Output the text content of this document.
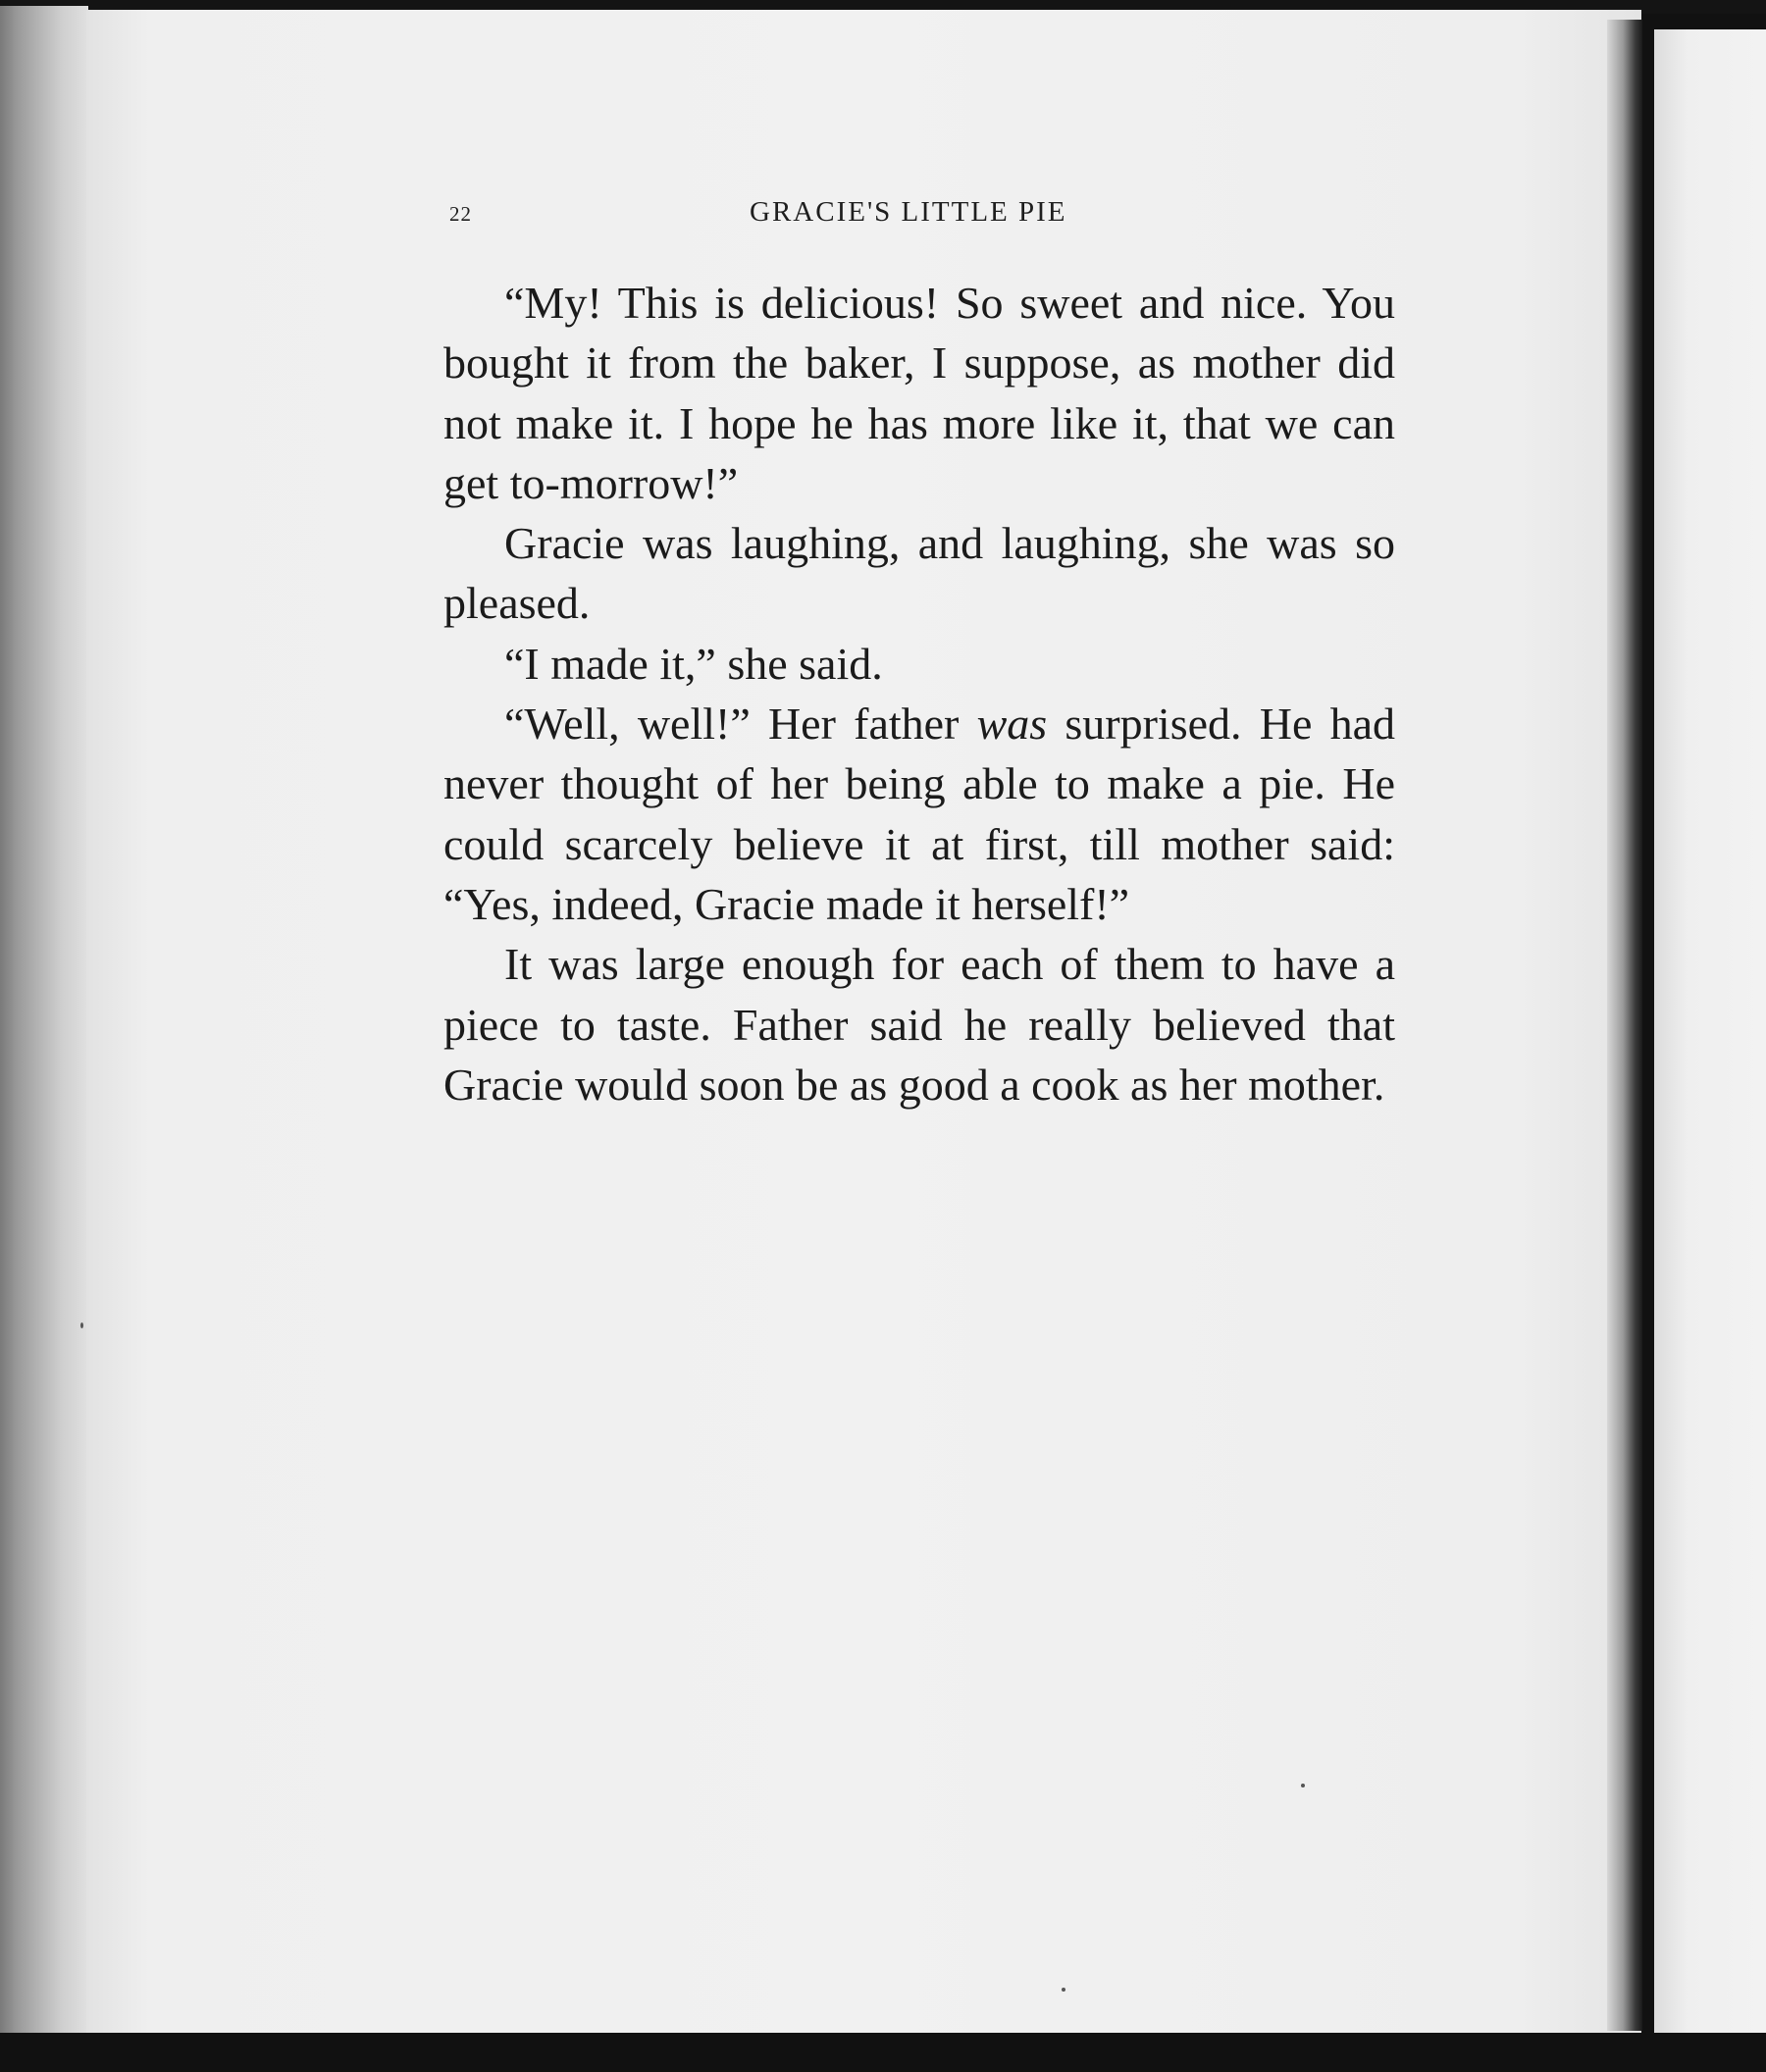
22	GRACIE'S LITTLE PIE

“My! This is delicious! So sweet and nice. You bought it from the baker, I suppose, as mother did not make it. I hope he has more like it, that we can get to-morrow!”

Gracie was laughing, and laughing, she was so pleased.

“I made it,” she said.

“Well, well!” Her father was surprised. He had never thought of her being able to make a pie. He could scarcely believe it at first, till mother said: “Yes, indeed, Gracie made it herself!”

It was large enough for each of them to have a piece to taste. Father said he really believed that Gracie would soon be as good a cook as her mother.
